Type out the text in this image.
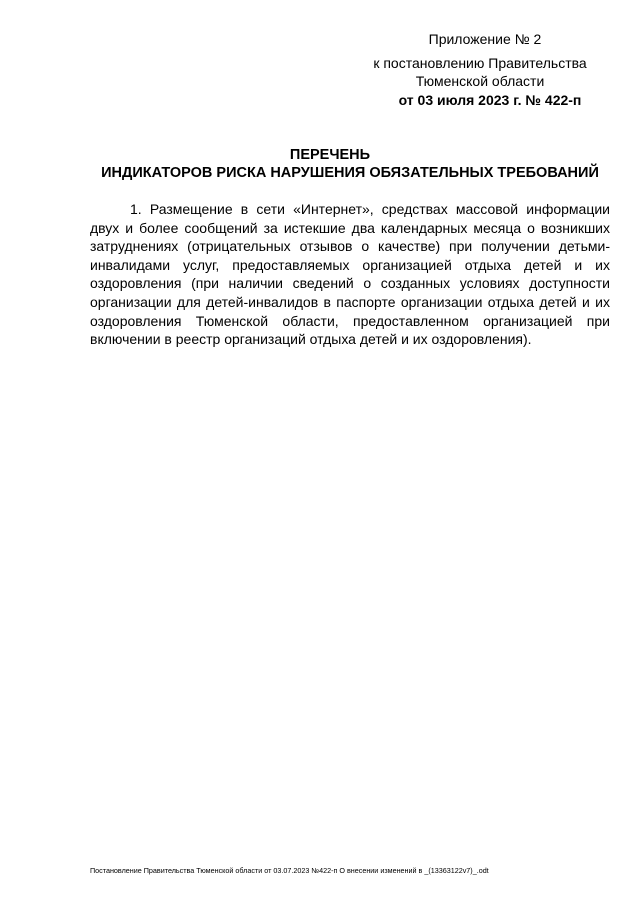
Приложение № 2
к постановлению Правительства
Тюменской области
от 03 июля 2023 г. № 422-п
ПЕРЕЧЕНЬ
ИНДИКАТОРОВ РИСКА НАРУШЕНИЯ ОБЯЗАТЕЛЬНЫХ ТРЕБОВАНИЙ
1. Размещение в сети «Интернет», средствах массовой информации двух и более сообщений за истекшие два календарных месяца о возникших затруднениях (отрицательных отзывов о качестве) при получении детьми-инвалидами услуг, предоставляемых организацией отдыха детей и их оздоровления (при наличии сведений о созданных условиях доступности организации для детей-инвалидов в паспорте организации отдыха детей и их оздоровления Тюменской области, предоставленном организацией при включении в реестр организаций отдыха детей и их оздоровления).
Постановление Правительства Тюменской области от 03.07.2023 №422-п О внесении изменений в _(13363122v7)_.odt
